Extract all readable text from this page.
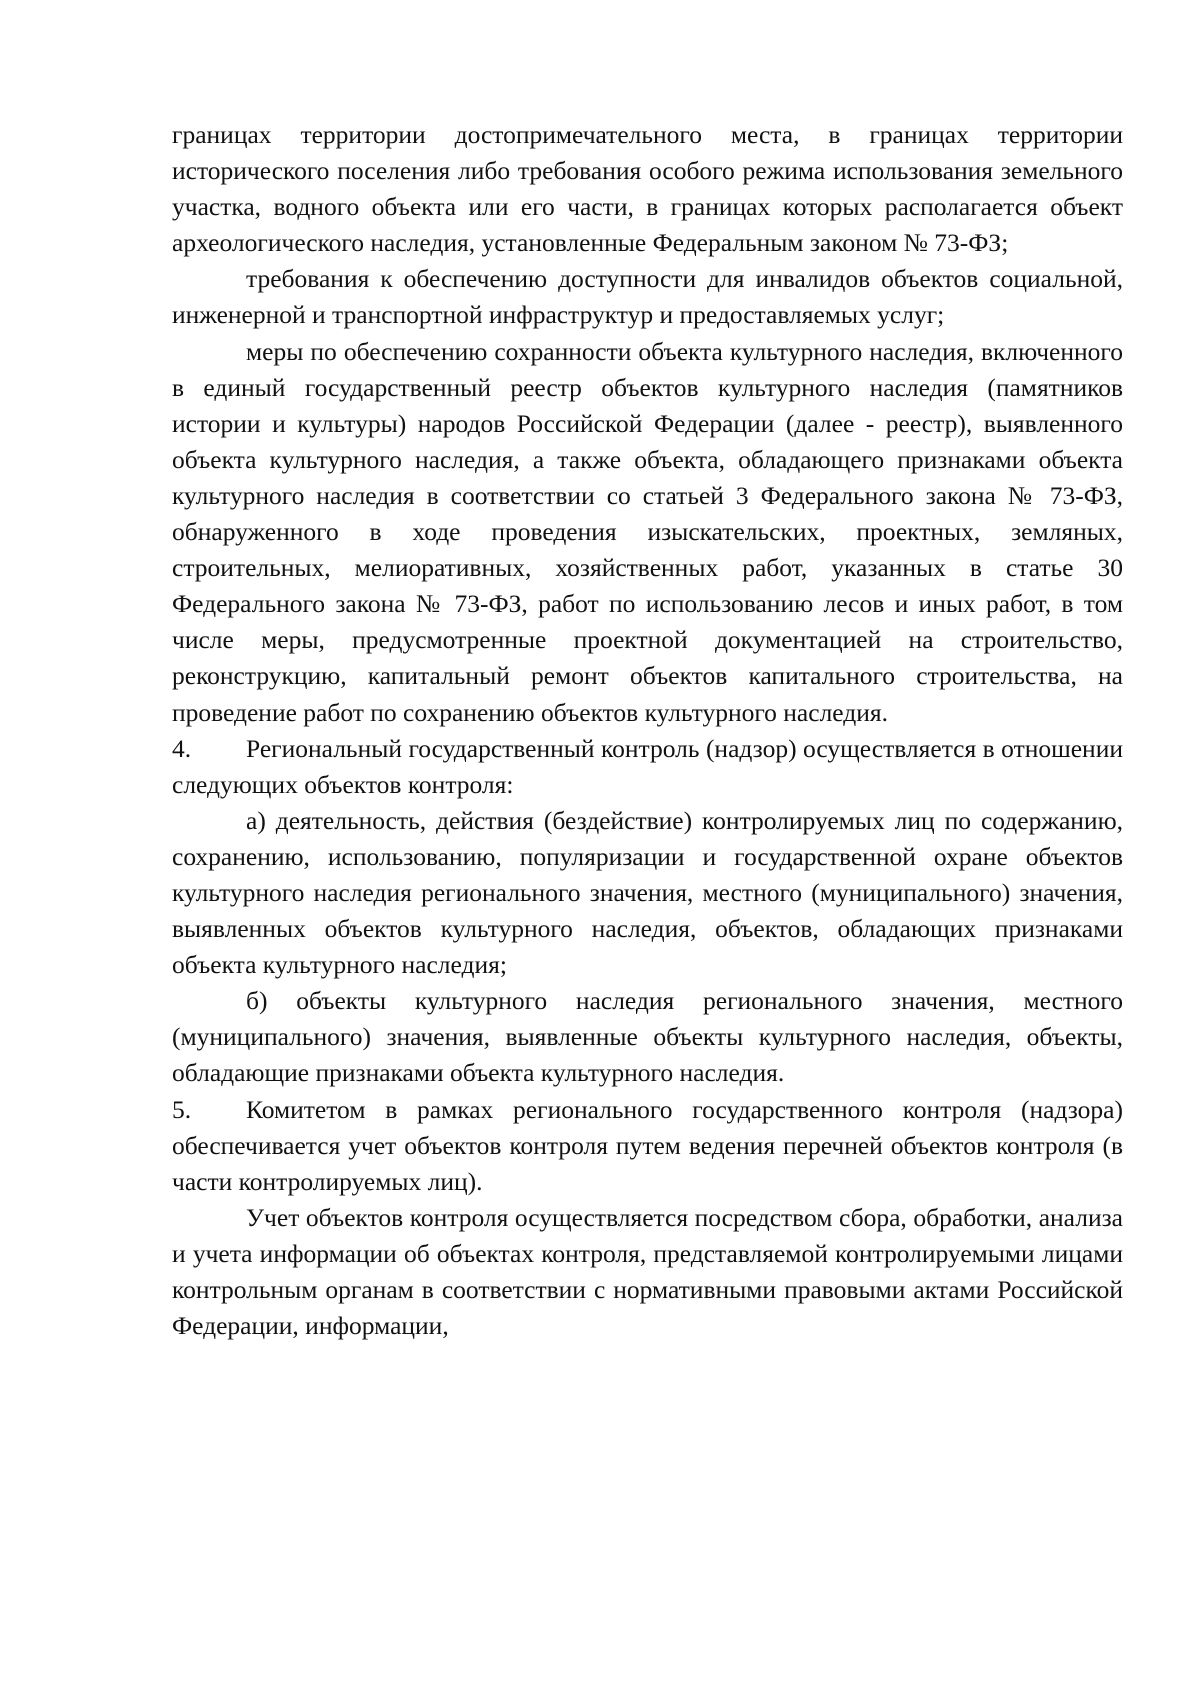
границах территории достопримечательного места, в границах территории исторического поселения либо требования особого режима использования земельного участка, водного объекта или его части, в границах которых располагается объект археологического наследия, установленные Федеральным законом № 73-ФЗ;

требования к обеспечению доступности для инвалидов объектов социальной, инженерной и транспортной инфраструктур и предоставляемых услуг;

меры по обеспечению сохранности объекта культурного наследия, включенного в единый государственный реестр объектов культурного наследия (памятников истории и культуры) народов Российской Федерации (далее - реестр), выявленного объекта культурного наследия, а также объекта, обладающего признаками объекта культурного наследия в соответствии со статьей 3 Федерального закона № 73-ФЗ, обнаруженного в ходе проведения изыскательских, проектных, земляных, строительных, мелиоративных, хозяйственных работ, указанных в статье 30 Федерального закона № 73-ФЗ, работ по использованию лесов и иных работ, в том числе меры, предусмотренные проектной документацией на строительство, реконструкцию, капитальный ремонт объектов капитального строительства, на проведение работ по сохранению объектов культурного наследия.

4. Региональный государственный контроль (надзор) осуществляется в отношении следующих объектов контроля:

а) деятельность, действия (бездействие) контролируемых лиц по содержанию, сохранению, использованию, популяризации и государственной охране объектов культурного наследия регионального значения, местного (муниципального) значения, выявленных объектов культурного наследия, объектов, обладающих признаками объекта культурного наследия;

б) объекты культурного наследия регионального значения, местного (муниципального) значения, выявленные объекты культурного наследия, объекты, обладающие признаками объекта культурного наследия.

5. Комитетом в рамках регионального государственного контроля (надзора) обеспечивается учет объектов контроля путем ведения перечней объектов контроля (в части контролируемых лиц).

Учет объектов контроля осуществляется посредством сбора, обработки, анализа и учета информации об объектах контроля, представляемой контролируемыми лицами контрольным органам в соответствии с нормативными правовыми актами Российской Федерации, информации,
